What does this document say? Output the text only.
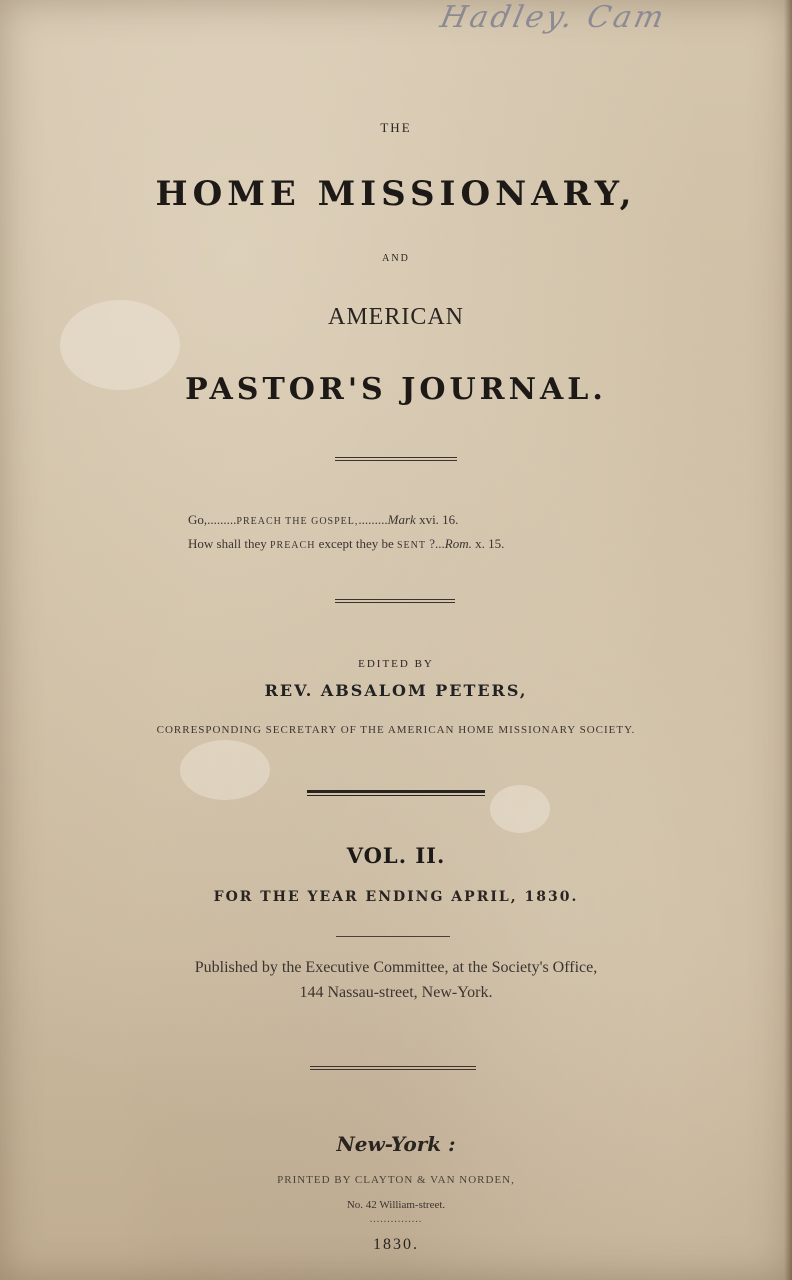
Hadley. Cam
THE
HOME MISSIONARY,
AND
AMERICAN
PASTOR'S JOURNAL.
Go,.........PREACH THE GOSPEL,.........Mark xvi. 16.
How shall they PREACH except they be SENT ?...Rom. x. 15.
EDITED BY
REV. ABSALOM PETERS,
CORRESPONDING SECRETARY OF THE AMERICAN HOME MISSIONARY SOCIETY.
VOL. II.
FOR THE YEAR ENDING APRIL, 1830.
Published by the Executive Committee, at the Society's Office,
144 Nassau-street, New-York.
New-York :
PRINTED BY CLAYTON & VAN NORDEN,
No. 42 William-street.
...............
1830.
